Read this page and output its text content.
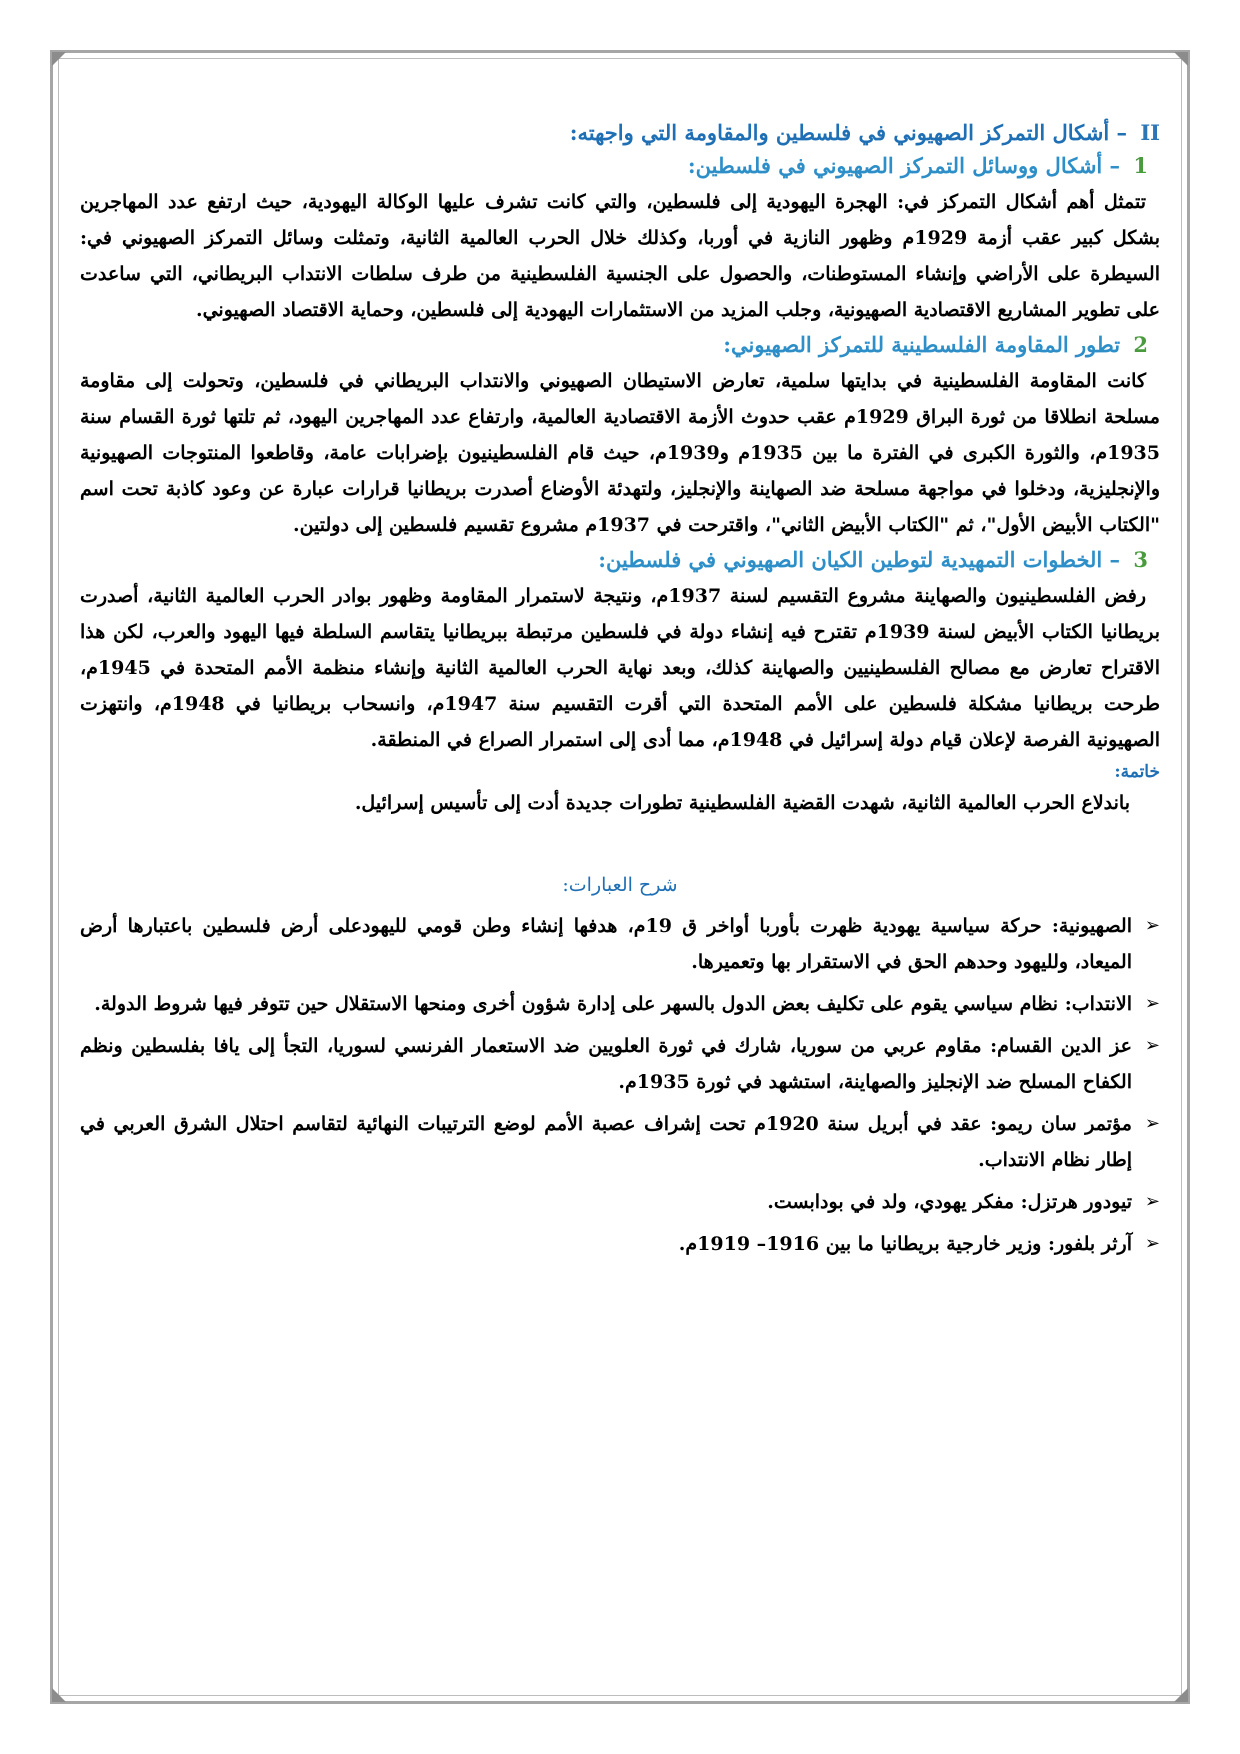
II – أشكال التمركز الصهيوني في فلسطين والمقاومة التي واجهته:
1 – أشكال ووسائل التمركز الصهيوني في فلسطين:

تتمثل أهم أشكال التمركز في: الهجرة اليهودية إلى فلسطين، والتي كانت تشرف عليها الوكالة اليهودية، حيث ارتفع عدد المهاجرين بشكل كبير عقب أزمة 1929م وظهور النازية في أوربا، وكذلك خلال الحرب العالمية الثانية، وتمثلت وسائل التمركز الصهيوني في: السيطرة على الأراضي وإنشاء المستوطنات، والحصول على الجنسية الفلسطينية من طرف سلطات الانتداب البريطاني، التي ساعدت على تطوير المشاريع الاقتصادية الصهيونية، وجلب المزيد من الاستثمارات اليهودية إلى فلسطين، وحماية الاقتصاد الصهيوني.

2 تطور المقاومة الفلسطينية للتمركز الصهيوني:

كانت المقاومة الفلسطينية في بدايتها سلمية، تعارض الاستيطان الصهيوني والانتداب البريطاني في فلسطين، وتحولت إلى مقاومة مسلحة انطلاقا من ثورة البراق 1929م عقب حدوث الأزمة الاقتصادية العالمية، وارتفاع عدد المهاجرين اليهود، ثم تلتها ثورة القسام سنة 1935م، والثورة الكبرى في الفترة ما بين 1935م و1939م، حيث قام الفلسطينيون بإضرابات عامة، وقاطعوا المنتوجات الصهيونية والإنجليزية، ودخلوا في مواجهة مسلحة ضد الصهاينة والإنجليز، ولتهدئة الأوضاع أصدرت بريطانيا قرارات عبارة عن وعود كاذبة تحت اسم "الكتاب الأبيض الأول"، ثم "الكتاب الأبيض الثاني"، واقترحت في 1937م مشروع تقسيم فلسطين إلى دولتين.

3 – الخطوات التمهيدية لتوطين الكيان الصهيوني في فلسطين:

رفض الفلسطينيون والصهاينة مشروع التقسيم لسنة 1937م، ونتيجة لاستمرار المقاومة وظهور بوادر الحرب العالمية الثانية، أصدرت بريطانيا الكتاب الأبيض لسنة 1939م تقترح فيه إنشاء دولة في فلسطين مرتبطة ببريطانيا يتقاسم السلطة فيها اليهود والعرب، لكن هذا الاقتراح تعارض مع مصالح الفلسطينيين والصهاينة كذلك، وبعد نهاية الحرب العالمية الثانية وإنشاء منظمة الأمم المتحدة في 1945م، طرحت بريطانيا مشكلة فلسطين على الأمم المتحدة التي أقرت التقسيم سنة 1947م، وانسحاب بريطانيا في 1948م، وانتهزت الصهيونية الفرصة لإعلان قيام دولة إسرائيل في 1948م، مما أدى إلى استمرار الصراع في المنطقة.

خاتمة:

باندلاع الحرب العالمية الثانية، شهدت القضية الفلسطينية تطورات جديدة أدت إلى تأسيس إسرائيل.

شرح العبارات:
➢
الصهيونية: حركة سياسية يهودية ظهرت بأوربا أواخر ق 19م، هدفها إنشاء وطن قومي لليهودعلى أرض فلسطين باعتبارها أرض الميعاد، ولليهود وحدهم الحق في الاستقرار بها وتعميرها.
➢
الانتداب: نظام سياسي يقوم على تكليف بعض الدول بالسهر على إدارة شؤون أخرى ومنحها الاستقلال حين تتوفر فيها شروط الدولة.
➢
عز الدين القسام: مقاوم عربي من سوريا، شارك في ثورة العلويين ضد الاستعمار الفرنسي لسوريا، التجأ إلى يافا بفلسطين ونظم الكفاح المسلح ضد الإنجليز والصهاينة، استشهد في ثورة 1935م.
➢
مؤتمر سان ريمو: عقد في أبريل سنة 1920م تحت إشراف عصبة الأمم لوضع الترتيبات النهائية لتقاسم احتلال الشرق العربي في إطار نظام الانتداب.
➢
تيودور هرتزل: مفكر يهودي، ولد في بودابست.
➢
آرثر بلفور: وزير خارجية بريطانيا ما بين 1916– 1919م.
